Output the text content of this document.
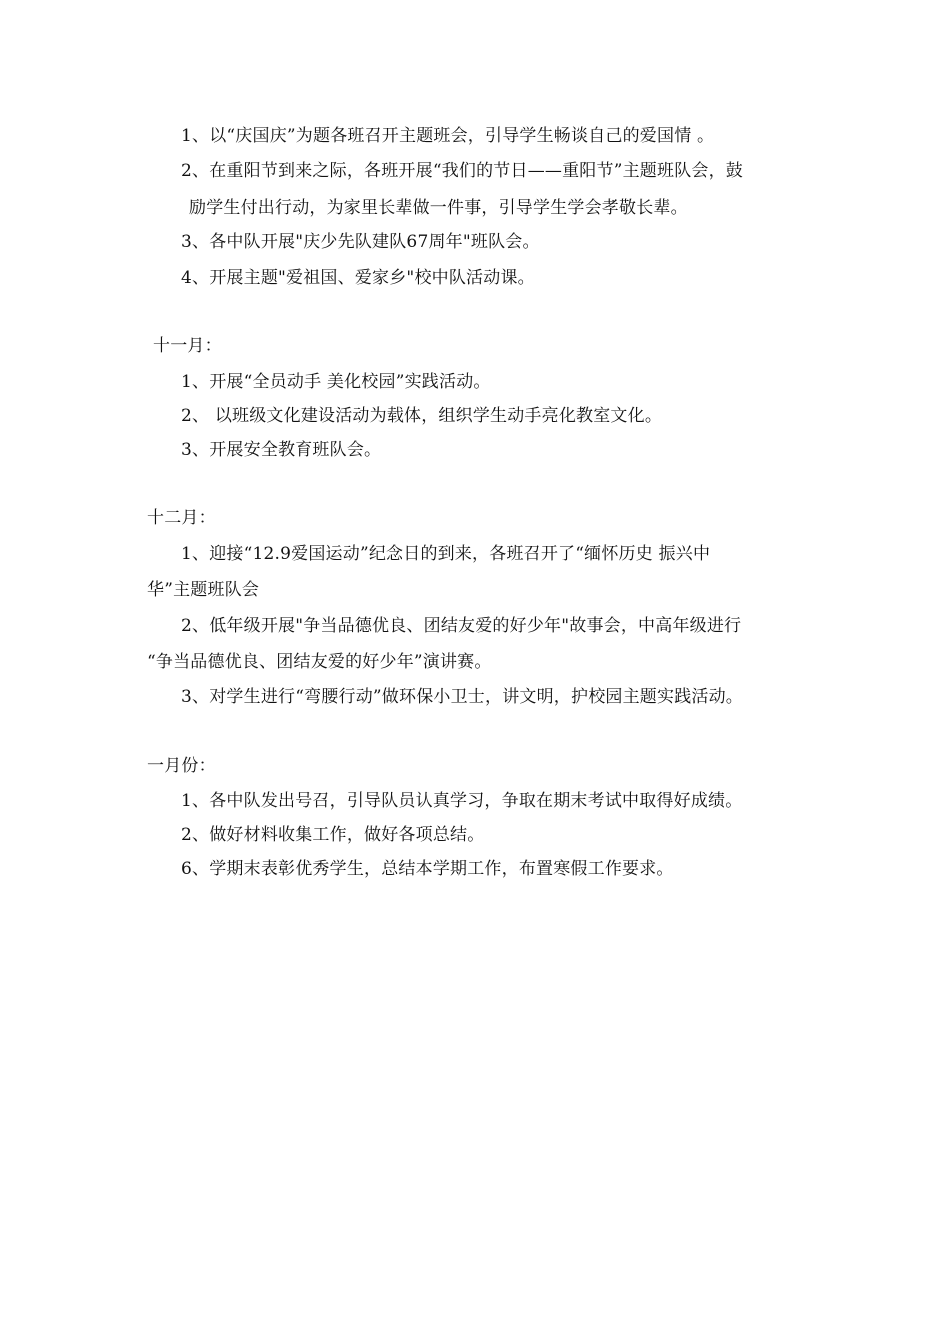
1、以“庆国庆”为题各班召开主题班会，引导学生畅谈自己的爱国情 。
2、在重阳节到来之际，各班开展“我们的节日——重阳节”主题班队会，鼓
励学生付出行动，为家里长辈做一件事，引导学生学会孝敬长辈。
3、各中队开展"庆少先队建队67周年"班队会。
4、开展主题"爱祖国、爱家乡"校中队活动课。
十一月：
1、开展“全员动手 美化校园”实践活动。
2、 以班级文化建设活动为载体，组织学生动手亮化教室文化。
3、开展安全教育班队会。
十二月：
1、迎接“12.9爱国运动”纪念日的到来，各班召开了“缅怀历史 振兴中
华”主题班队会
2、低年级开展"争当品德优良、团结友爱的好少年"故事会，中高年级进行
“争当品德优良、团结友爱的好少年”演讲赛。
3、对学生进行“弯腰行动”做环保小卫士，讲文明，护校园主题实践活动。
一月份：
1、各中队发出号召，引导队员认真学习，争取在期末考试中取得好成绩。
2、做好材料收集工作，做好各项总结。
6、学期末表彰优秀学生，总结本学期工作，布置寒假工作要求。
